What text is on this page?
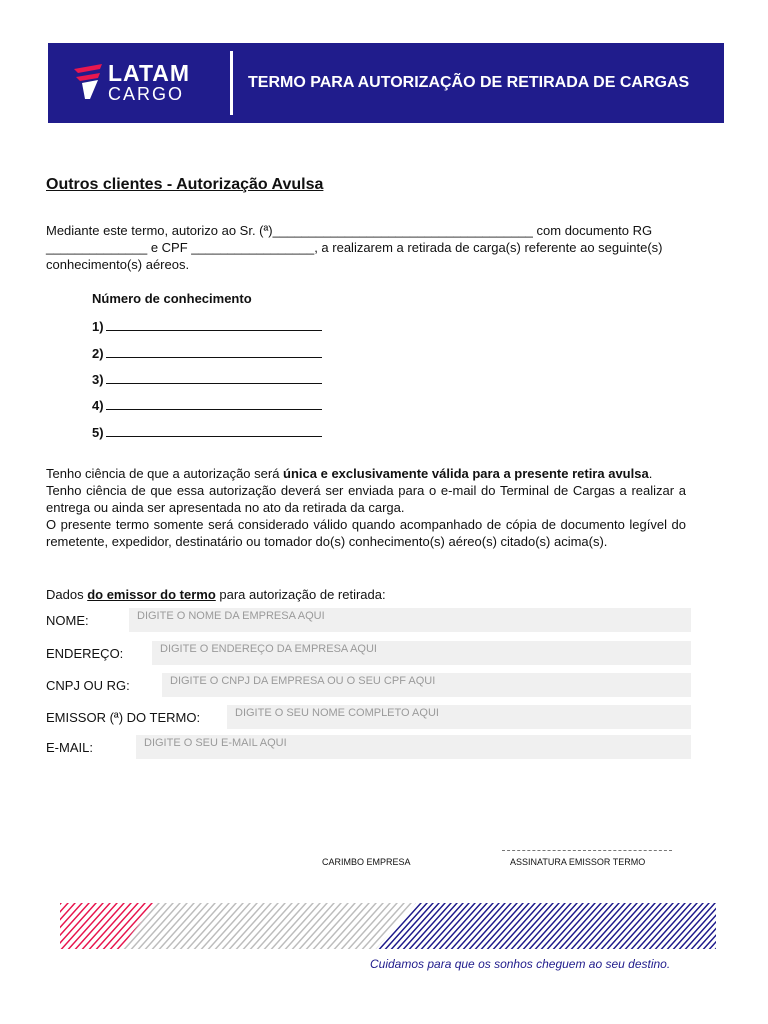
LATAM
CARGO
TERMO PARA AUTORIZAÇÃO DE RETIRADA DE CARGAS
Outros clientes - Autorização Avulsa
Mediante este termo, autorizo ao Sr. (ª)____________________________________ com documento RG ______________ e CPF _________________, a realizarem a retirada de carga(s) referente ao seguinte(s) conhecimento(s) aéreos.
Número de conhecimento
1)
2)
3)
4)
5)
Tenho ciência de que a autorização será única e exclusivamente válida para a presente retira avulsa.
Tenho ciência de que essa autorização deverá ser enviada para o e-mail do Terminal de Cargas a realizar a entrega ou ainda ser apresentada no ato da retirada da carga.
O presente termo somente será considerado válido quando acompanhado de cópia de documento legível do remetente, expedidor, destinatário ou tomador do(s) conhecimento(s) aéreo(s) citado(s) acima(s).
Dados do emissor do termo para autorização de retirada:
NOME:	DIGITE O NOME DA EMPRESA AQUI
ENDEREÇO:	DIGITE O ENDEREÇO DA EMPRESA AQUI
CNPJ OU RG:	DIGITE O CNPJ DA EMPRESA OU O SEU CPF AQUI
EMISSOR (ª) DO TERMO:	DIGITE O SEU NOME COMPLETO AQUI
E-MAIL:	DIGITE O SEU E-MAIL AQUI
CARIMBO EMPRESA	ASSINATURA EMISSOR TERMO
Cuidamos para que os sonhos cheguem ao seu destino.
